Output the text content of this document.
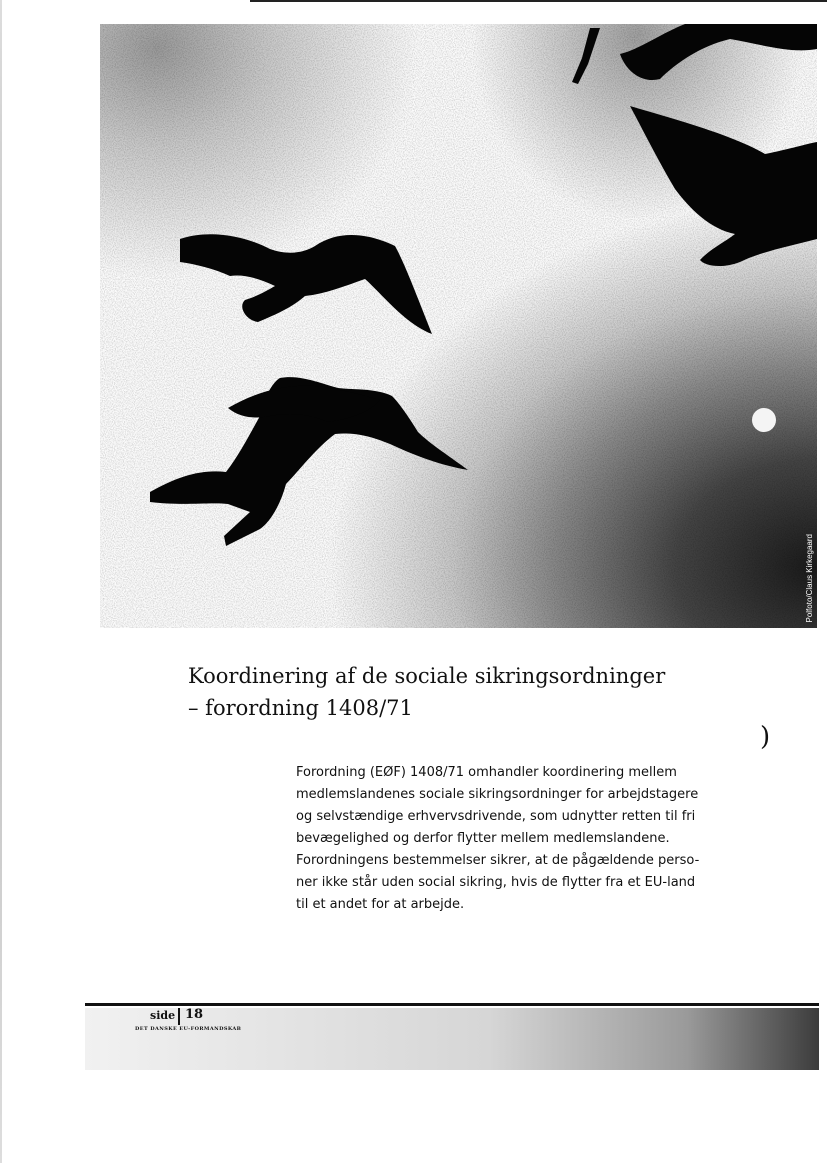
Polfoto/Claus Kirkegaard
Koordinering af de sociale sikringsordninger
– forordning 1408/71
)

Forordning (EØF) 1408/71 omhandler koordinering mellem
medlemslandenes sociale sikringsordninger for arbejdstagere
og selvstændige erhvervsdrivende, som udnytter retten til fri
bevægelighed og derfor flytter mellem medlemslandene.
Forordningens bestemmelser sikrer, at de pågældende perso-
ner ikke står uden social sikring, hvis de flytter fra et EU-land
til et andet for at arbejde.

side 18
DET DANSKE EU-FORMANDSKAB
